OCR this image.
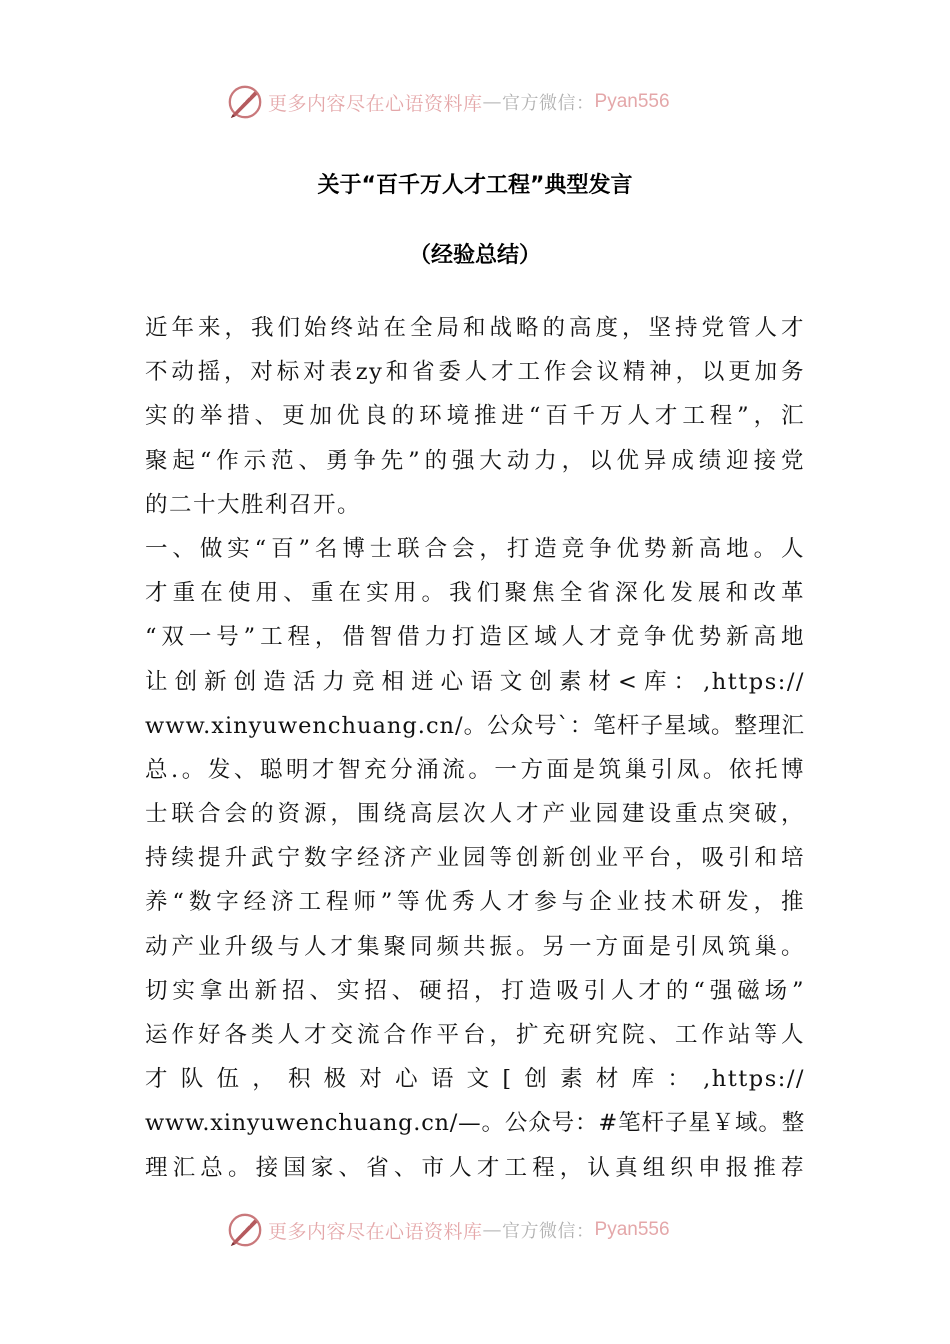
更多内容尽在心语资料库 — 官方微信： Pyan556
关于“百千万人才工程”典型发言
（经验总结）
近年来，我们始终站在全局和战略的高度，坚持党管人才
不动摇，对标对表zy和省委人才工作会议精神，以更加务
实的举措、更加优良的环境推进“百千万人才工程”，汇
聚起“作示范、勇争先”的强大动力，以优异成绩迎接党
的二十大胜利召开。
一、做实“百”名博士联合会，打造竞争优势新高地。人
才重在使用、重在实用。我们聚焦全省深化发展和改革
“双一号”工程，借智借力打造区域人才竞争优势新高地
让创新创造活力竞相迸心语文创素材<库：,https://
www.xinyuwenchuang.cn/。公众号`：笔杆子星域。整理汇
总.。发、聪明才智充分涌流。一方面是筑巢引凤。依托博
士联合会的资源，围绕高层次人才产业园建设重点突破，
持续提升武宁数字经济产业园等创新创业平台，吸引和培
养“数字经济工程师”等优秀人才参与企业技术研发，推
动产业升级与人才集聚同频共振。另一方面是引凤筑巢。
切实拿出新招、实招、硬招，打造吸引人才的“强磁场”
运作好各类人才交流合作平台，扩充研究院、工作站等人
才队伍，积极对心语文[创素材库：,https://
www.xinyuwenchuang.cn/—。公众号：#笔杆子星￥域。整
理汇总。接国家、省、市人才工程，认真组织申报推荐
更多内容尽在心语资料库 — 官方微信： Pyan556
